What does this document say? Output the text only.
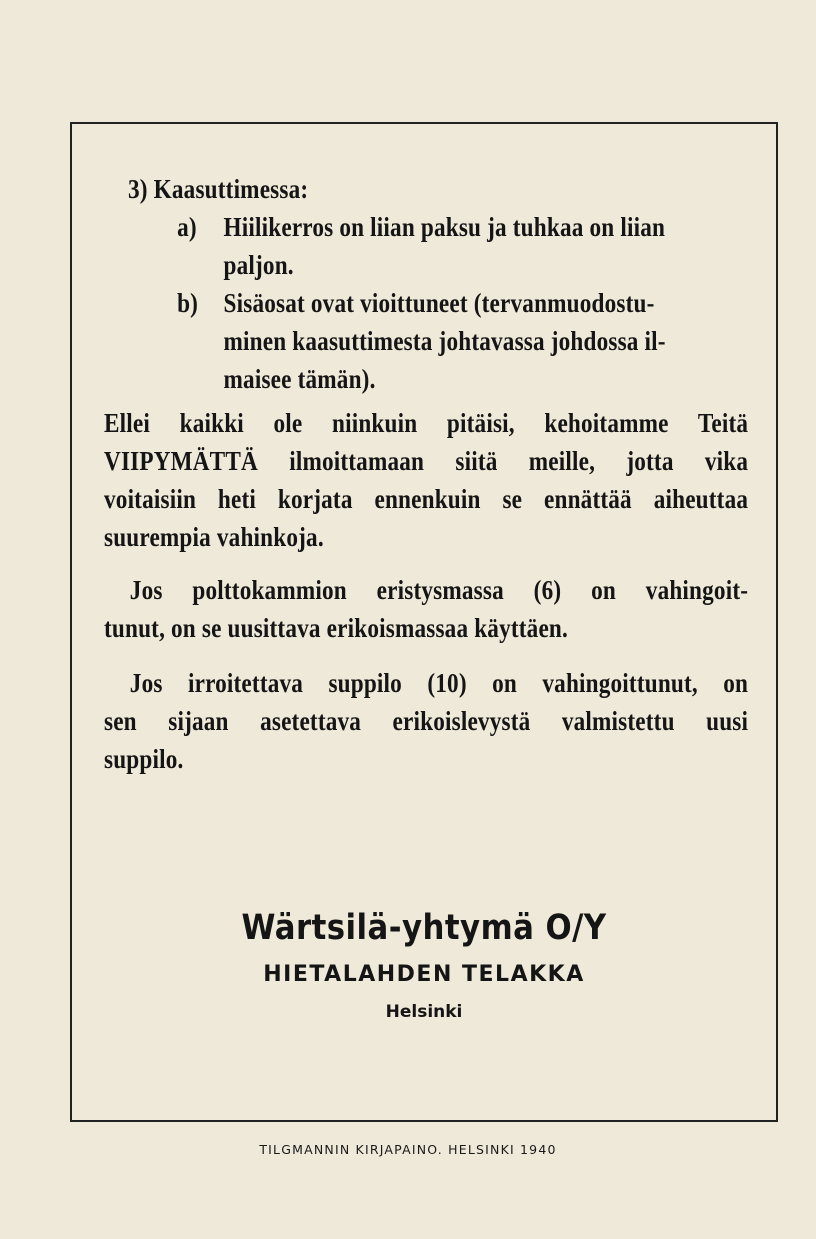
3) Kaasuttimessa:
a) Hiilikerros on liian paksu ja tuhkaa on liian
paljon.
b) Sisäosat ovat vioittuneet (tervanmuodostu-
minen kaasuttimesta johtavassa johdossa il-
maisee tämän).
Ellei kaikki ole niinkuin pitäisi, kehoitamme Teitä
VIIPYMÄTTÄ ilmoittamaan siitä meille, jotta vika
voitaisiin heti korjata ennenkuin se ennättää aiheuttaa
suurempia vahinkoja.
Jos polttokammion eristysmassa (6) on vahingoit-
tunut, on se uusittava erikoismassaa käyttäen.
Jos irroitettava suppilo (10) on vahingoittunut, on
sen sijaan asetettava erikoislevystä valmistettu uusi
suppilo.
Wärtsilä-yhtymä O/Y
HIETALAHDEN TELAKKA
Helsinki
TILGMANNIN KIRJAPAINO. HELSINKI 1940
